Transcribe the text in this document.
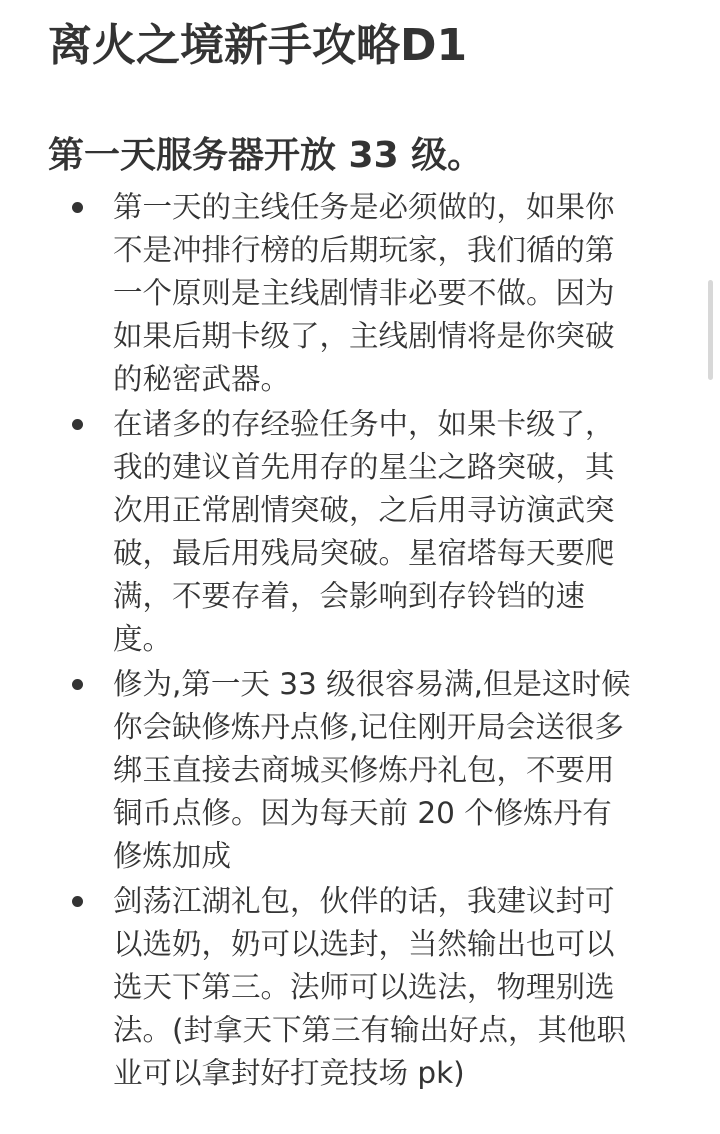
离火之境新手攻略D1
第一天服务器开放 33 级。
第一天的主线任务是必须做的，如果你
不是冲排行榜的后期玩家，我们循的第
一个原则是主线剧情非必要不做。因为
如果后期卡级了，主线剧情将是你突破
的秘密武器。
在诸多的存经验任务中，如果卡级了，
我的建议首先用存的星尘之路突破，其
次用正常剧情突破，之后用寻访演武突
破，最后用残局突破。星宿塔每天要爬
满，不要存着，会影响到存铃铛的速
度。
修为,第一天 33 级很容易满,但是这时候
你会缺修炼丹点修,记住刚开局会送很多
绑玉直接去商城买修炼丹礼包，不要用
铜币点修。因为每天前 20 个修炼丹有
修炼加成
剑荡江湖礼包，伙伴的话，我建议封可
以选奶，奶可以选封，当然输出也可以
选天下第三。法师可以选法，物理别选
法。(封拿天下第三有输出好点，其他职
业可以拿封好打竞技场 pk)
